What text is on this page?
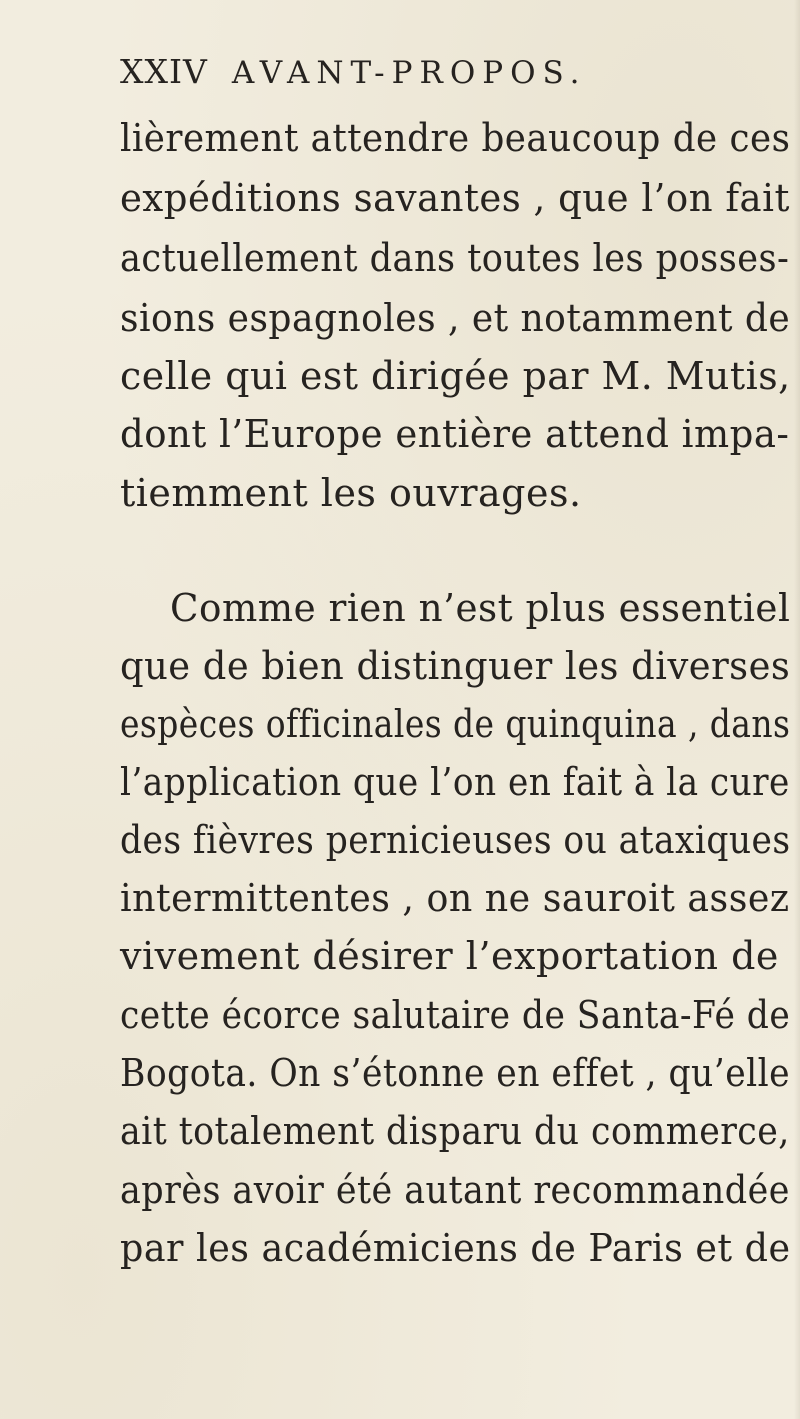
XXIV AVANT-PROPOS.
lièrement attendre beaucoup de ces
expéditions savantes , que l’on fait
actuellement dans toutes les posses-
sions espagnoles , et notamment de
celle qui est dirigée par M. Mutis,
dont l’Europe entière attend impa-
tiemment les ouvrages.
Comme rien n’est plus essentiel
que de bien distinguer les diverses
espèces officinales de quinquina , dans
l’application que l’on en fait à la cure
des fièvres pernicieuses ou ataxiques
intermittentes , on ne sauroit assez
vivement désirer l’exportation de
cette écorce salutaire de Santa-Fé de
Bogota. On s’étonne en effet , qu’elle
ait totalement disparu du commerce,
après avoir été autant recommandée
par les académiciens de Paris et de
